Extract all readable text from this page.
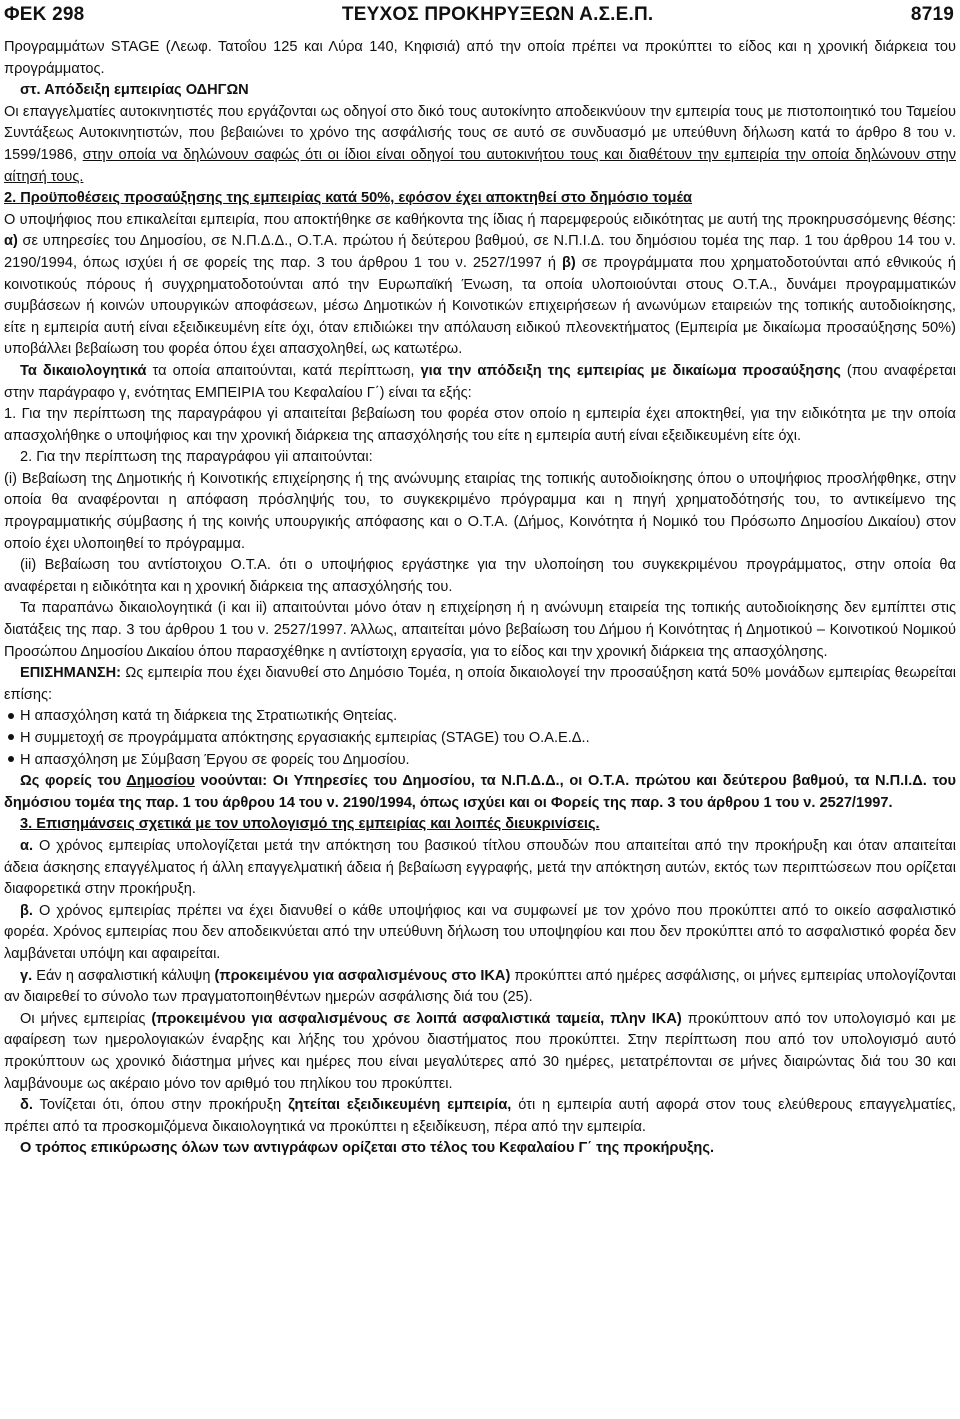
ΦΕΚ 298	ΤΕΥΧΟΣ ΠΡΟΚΗΡΥΞΕΩΝ Α.Σ.Ε.Π.	8719

Προγραμμάτων STAGE (Λεωφ. Τατοΐου 125 και Λύρα 140, Κηφισιά) από την οποία πρέπει να προκύπτει το είδος και η χρονική διάρκεια του προγράμματος.

στ. Απόδειξη εμπειρίας ΟΔΗΓΩΝ

Οι επαγγελματίες αυτοκινητιστές που εργάζονται ως οδηγοί στο δικό τους αυτοκίνητο αποδεικνύουν την εμπειρία τους με πιστοποιητικό του Ταμείου Συντάξεως Αυτοκινητιστών, που βεβαιώνει το χρόνο της ασφάλισής τους σε αυτό σε συνδυασμό με υπεύθυνη δήλωση κατά το άρθρο 8 του ν. 1599/1986, στην οποία να δηλώνουν σαφώς ότι οι ίδιοι είναι οδηγοί του αυτοκινήτου τους και διαθέτουν την εμπειρία την οποία δηλώνουν στην αίτησή τους.

2. Προϋποθέσεις προσαύξησης της εμπειρίας κατά 50%, εφόσον έχει αποκτηθεί στο δημόσιο τομέα

Ο υποψήφιος που επικαλείται εμπειρία, που αποκτήθηκε σε καθήκοντα της ίδιας ή παρεμφερούς ειδικότητας με αυτή της προκηρυσσόμενης θέσης: α) σε υπηρεσίες του Δημοσίου, σε Ν.Π.Δ.Δ., Ο.Τ.Α. πρώτου ή δεύτερου βαθμού, σε Ν.Π.Ι.Δ. του δημόσιου τομέα της παρ. 1 του άρθρου 14 του ν. 2190/1994, όπως ισχύει ή σε φορείς της παρ. 3 του άρθρου 1 του ν. 2527/1997 ή β) σε προγράμματα που χρηματοδοτούνται από εθνικούς ή κοινοτικούς πόρους ή συγχρηματοδοτούνται από την Ευρωπαϊκή Ένωση, τα οποία υλοποιούνται στους Ο.Τ.Α., δυνάμει προγραμματικών συμβάσεων ή κοινών υπουργικών αποφάσεων, μέσω Δημοτικών ή Κοινοτικών επιχειρήσεων ή ανωνύμων εταιρειών της τοπικής αυτοδιοίκησης, είτε η εμπειρία αυτή είναι εξειδικευμένη είτε όχι, όταν επιδιώκει την απόλαυση ειδικού πλεονεκτήματος (Εμπειρία με δικαίωμα προσαύξησης 50%) υποβάλλει βεβαίωση του φορέα όπου έχει απασχοληθεί, ως κατωτέρω.

Τα δικαιολογητικά τα οποία απαιτούνται, κατά περίπτωση, για την απόδειξη της εμπειρίας με δικαίωμα προσαύξησης (που αναφέρεται στην παράγραφο γ, ενότητας ΕΜΠΕΙΡΙΑ του Κεφαλαίου Γ΄) είναι τα εξής:

1. Για την περίπτωση της παραγράφου γi απαιτείται βεβαίωση του φορέα στον οποίο η εμπειρία έχει αποκτηθεί, για την ειδικότητα με την οποία απασχολήθηκε ο υποψήφιος και την χρονική διάρκεια της απασχόλησής του είτε η εμπειρία αυτή είναι εξειδικευμένη είτε όχι.

2. Για την περίπτωση της παραγράφου γii απαιτούνται:

(i) Βεβαίωση της Δημοτικής ή Κοινοτικής επιχείρησης ή της ανώνυμης εταιρίας της τοπικής αυτοδιοίκησης όπου ο υποψήφιος προσλήφθηκε, στην οποία θα αναφέρονται η απόφαση πρόσληψής του, το συγκεκριμένο πρόγραμμα και η πηγή χρηματοδότησής του, το αντικείμενο της προγραμματικής σύμβασης ή της κοινής υπουργικής απόφασης και ο Ο.Τ.Α. (Δήμος, Κοινότητα ή Νομικό του Πρόσωπο Δημοσίου Δικαίου) στον οποίο έχει υλοποιηθεί το πρόγραμμα.

(ii) Βεβαίωση του αντίστοιχου Ο.Τ.Α. ότι ο υποψήφιος εργάστηκε για την υλοποίηση του συγκεκριμένου προγράμματος, στην οποία θα αναφέρεται η ειδικότητα και η χρονική διάρκεια της απασχόλησής του.

Τα παραπάνω δικαιολογητικά (i και ii) απαιτούνται μόνο όταν η επιχείρηση ή η ανώνυμη εταιρεία της τοπικής αυτοδιοίκησης δεν εμπίπτει στις διατάξεις της παρ. 3 του άρθρου 1 του ν. 2527/1997. Άλλως, απαιτείται μόνο βεβαίωση του Δήμου ή Κοινότητας ή Δημοτικού – Κοινοτικού Νομικού Προσώπου Δημοσίου Δικαίου όπου παρασχέθηκε η αντίστοιχη εργασία, για το είδος και την χρονική διάρκεια της απασχόλησης.

ΕΠΙΣΗΜΑΝΣΗ: Ως εμπειρία που έχει διανυθεί στο Δημόσιο Τομέα, η οποία δικαιολογεί την προσαύξηση κατά 50% μονάδων εμπειρίας θεωρείται επίσης:

Η απασχόληση κατά τη διάρκεια της Στρατιωτικής Θητείας.

Η συμμετοχή σε προγράμματα απόκτησης εργασιακής εμπειρίας (STAGE) του Ο.Α.Ε.Δ..

Η απασχόληση με Σύμβαση Έργου σε φορείς του Δημοσίου.

Ως φορείς του Δημοσίου νοούνται: Οι Υπηρεσίες του Δημοσίου, τα Ν.Π.Δ.Δ., οι Ο.Τ.Α. πρώτου και δεύτερου βαθμού, τα Ν.Π.Ι.Δ. του δημόσιου τομέα της παρ. 1 του άρθρου 14 του ν. 2190/1994, όπως ισχύει και οι Φορείς της παρ. 3 του άρθρου 1 του ν. 2527/1997.

3. Επισημάνσεις σχετικά με τον υπολογισμό της εμπειρίας και λοιπές διευκρινίσεις.

α. Ο χρόνος εμπειρίας υπολογίζεται μετά την απόκτηση του βασικού τίτλου σπουδών που απαιτείται από την προκήρυξη και όταν απαιτείται άδεια άσκησης επαγγέλματος ή άλλη επαγγελματική άδεια ή βεβαίωση εγγραφής, μετά την απόκτηση αυτών, εκτός των περιπτώσεων που ορίζεται διαφορετικά στην προκήρυξη.

β. Ο χρόνος εμπειρίας πρέπει να έχει διανυθεί ο κάθε υποψήφιος και να συμφωνεί με τον χρόνο που προκύπτει από το οικείο ασφαλιστικό φορέα. Χρόνος εμπειρίας που δεν αποδεικνύεται από την υπεύθυνη δήλωση του υποψηφίου και που δεν προκύπτει από το ασφαλιστικό φορέα δεν λαμβάνεται υπόψη και αφαιρείται.

γ. Εάν η ασφαλιστική κάλυψη (προκειμένου για ασφαλισμένους στο ΙΚΑ) προκύπτει από ημέρες ασφάλισης, οι μήνες εμπειρίας υπολογίζονται αν διαιρεθεί το σύνολο των πραγματοποιηθέντων ημερών ασφάλισης διά του (25).

Οι μήνες εμπειρίας (προκειμένου για ασφαλισμένους σε λοιπά ασφαλιστικά ταμεία, πλην ΙΚΑ) προκύπτουν από τον υπολογισμό και με αφαίρεση των ημερολογιακών έναρξης και λήξης του χρόνου διαστήματος που προκύπτει. Στην περίπτωση που από τον υπολογισμό αυτό προκύπτουν ως χρονικό διάστημα μήνες και ημέρες που είναι μεγαλύτερες από 30 ημέρες, μετατρέπονται σε μήνες διαιρώντας διά του 30 και λαμβάνουμε ως ακέραιο μόνο τον αριθμό του πηλίκου του προκύπτει.

δ. Τονίζεται ότι, όπου στην προκήρυξη ζητείται εξειδικευμένη εμπειρία, ότι η εμπειρία αυτή αφορά στον τους ελεύθερους επαγγελματίες, πρέπει από τα προσκομιζόμενα δικαιολογητικά να προκύπτει η εξειδίκευση, πέρα από την εμπειρία.

Ο τρόπος επικύρωσης όλων των αντιγράφων ορίζεται στο τέλος του Κεφαλαίου Γ΄ της προκήρυξης.
